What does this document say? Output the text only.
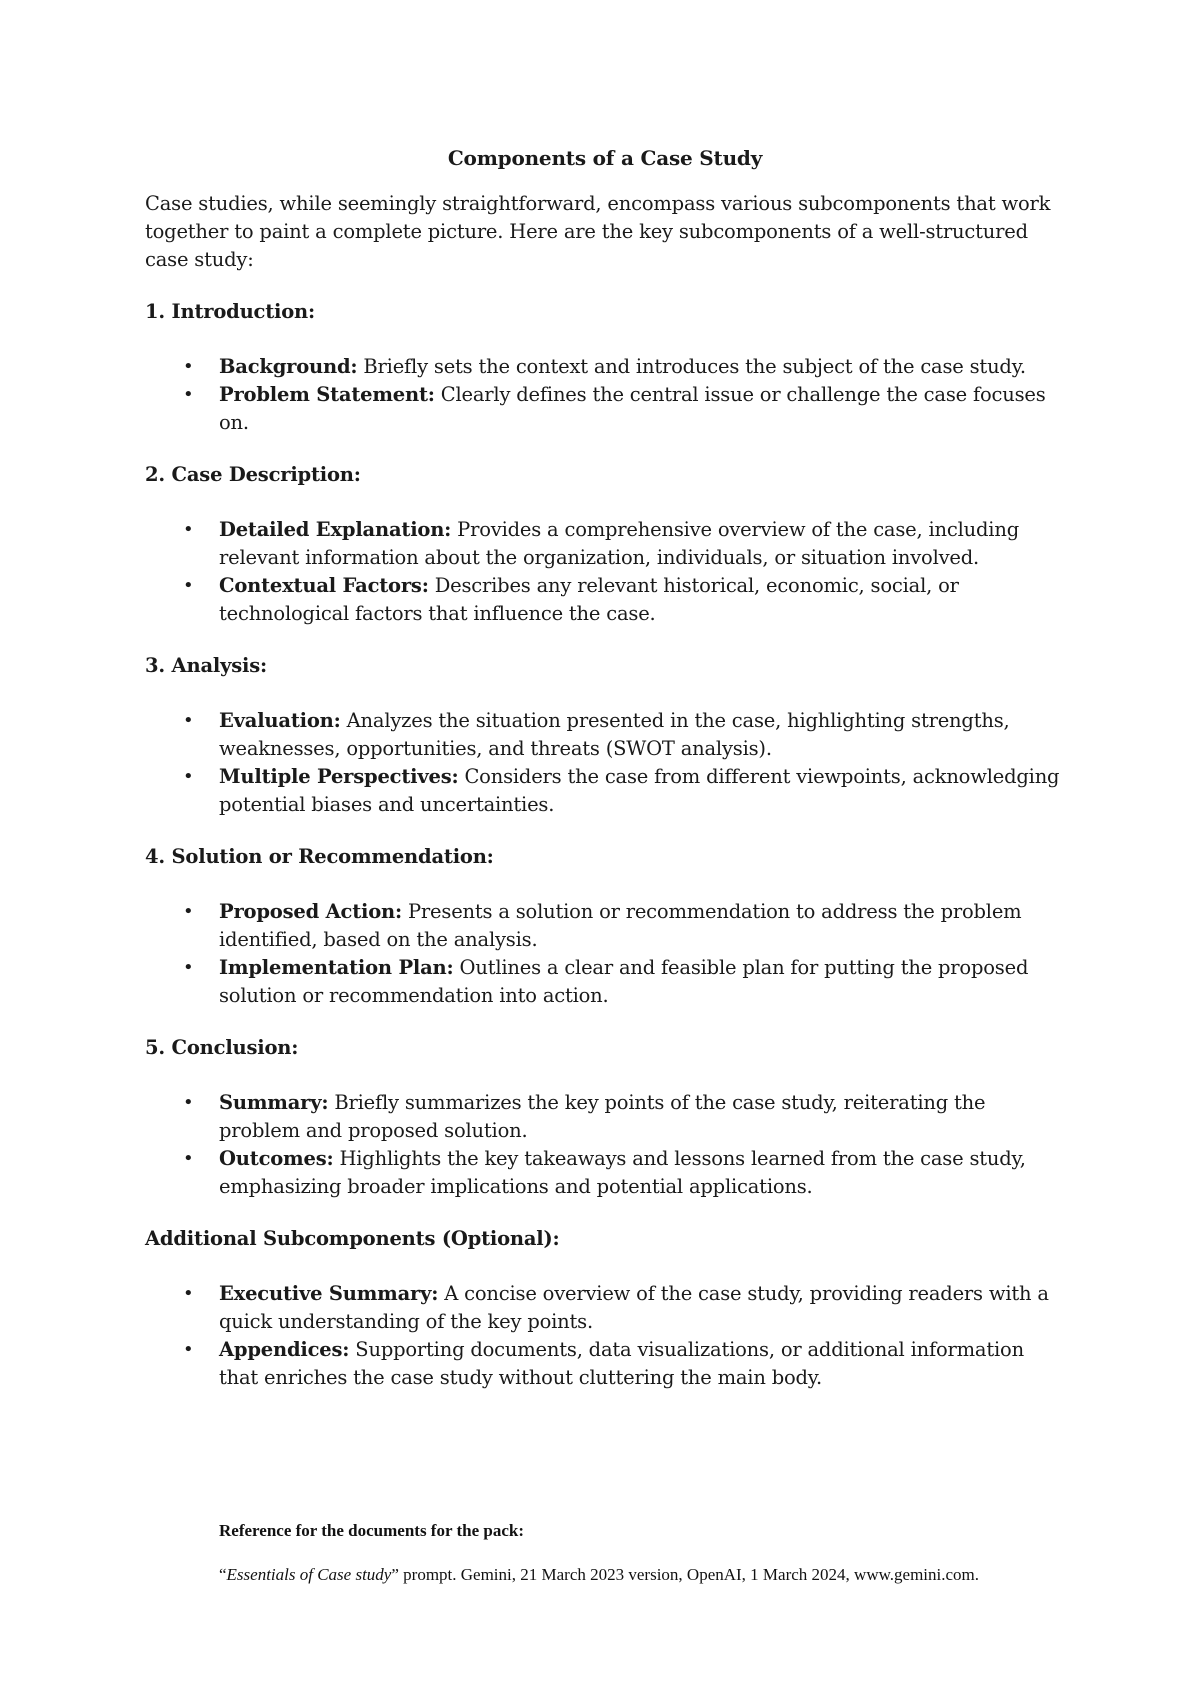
Components of a Case Study

Case studies, while seemingly straightforward, encompass various subcomponents that work together to paint a complete picture. Here are the key subcomponents of a well-structured case study:

1. Introduction:
• Background: Briefly sets the context and introduces the subject of the case study.
• Problem Statement: Clearly defines the central issue or challenge the case focuses on.
2. Case Description:
• Detailed Explanation: Provides a comprehensive overview of the case, including relevant information about the organization, individuals, or situation involved.
• Contextual Factors: Describes any relevant historical, economic, social, or technological factors that influence the case.
3. Analysis:
• Evaluation: Analyzes the situation presented in the case, highlighting strengths, weaknesses, opportunities, and threats (SWOT analysis).
• Multiple Perspectives: Considers the case from different viewpoints, acknowledging potential biases and uncertainties.
4. Solution or Recommendation:
• Proposed Action: Presents a solution or recommendation to address the problem identified, based on the analysis.
• Implementation Plan: Outlines a clear and feasible plan for putting the proposed solution or recommendation into action.
5. Conclusion:
• Summary: Briefly summarizes the key points of the case study, reiterating the problem and proposed solution.
• Outcomes: Highlights the key takeaways and lessons learned from the case study, emphasizing broader implications and potential applications.
Additional Subcomponents (Optional):
• Executive Summary: A concise overview of the case study, providing readers with a quick understanding of the key points.
• Appendices: Supporting documents, data visualizations, or additional information that enriches the case study without cluttering the main body.

Reference for the documents for the pack:

“Essentials of Case study” prompt. Gemini, 21 March 2023 version, OpenAI, 1 March 2024, www.gemini.com.
